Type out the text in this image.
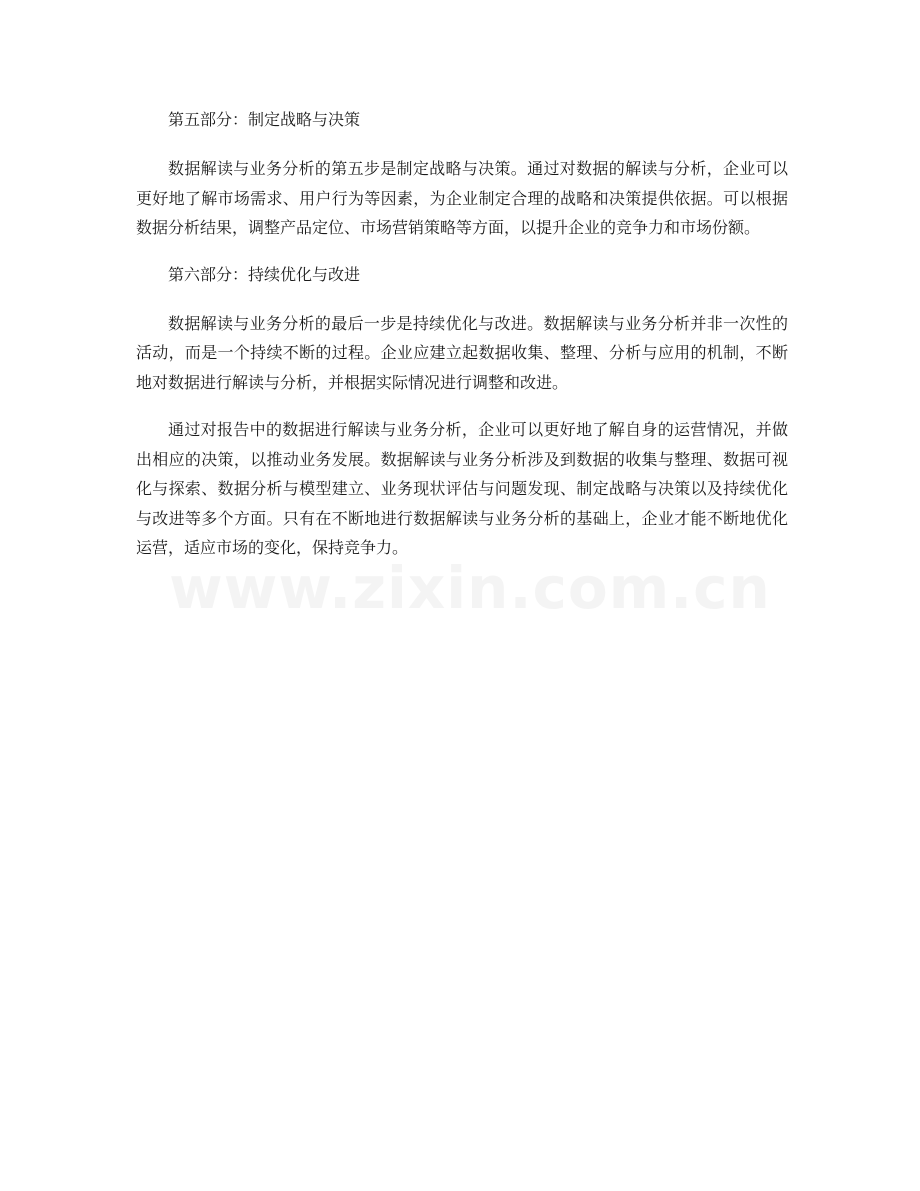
第五部分：制定战略与决策

数据解读与业务分析的第五步是制定战略与决策。通过对数据的解读与分析，企业可以更好地了解市场需求、用户行为等因素，为企业制定合理的战略和决策提供依据。可以根据数据分析结果，调整产品定位、市场营销策略等方面，以提升企业的竞争力和市场份额。

第六部分：持续优化与改进

数据解读与业务分析的最后一步是持续优化与改进。数据解读与业务分析并非一次性的活动，而是一个持续不断的过程。企业应建立起数据收集、整理、分析与应用的机制，不断地对数据进行解读与分析，并根据实际情况进行调整和改进。

通过对报告中的数据进行解读与业务分析，企业可以更好地了解自身的运营情况，并做出相应的决策，以推动业务发展。数据解读与业务分析涉及到数据的收集与整理、数据可视化与探索、数据分析与模型建立、业务现状评估与问题发现、制定战略与决策以及持续优化与改进等多个方面。只有在不断地进行数据解读与业务分析的基础上，企业才能不断地优化运营，适应市场的变化，保持竞争力。

www.zixin.com.cn
